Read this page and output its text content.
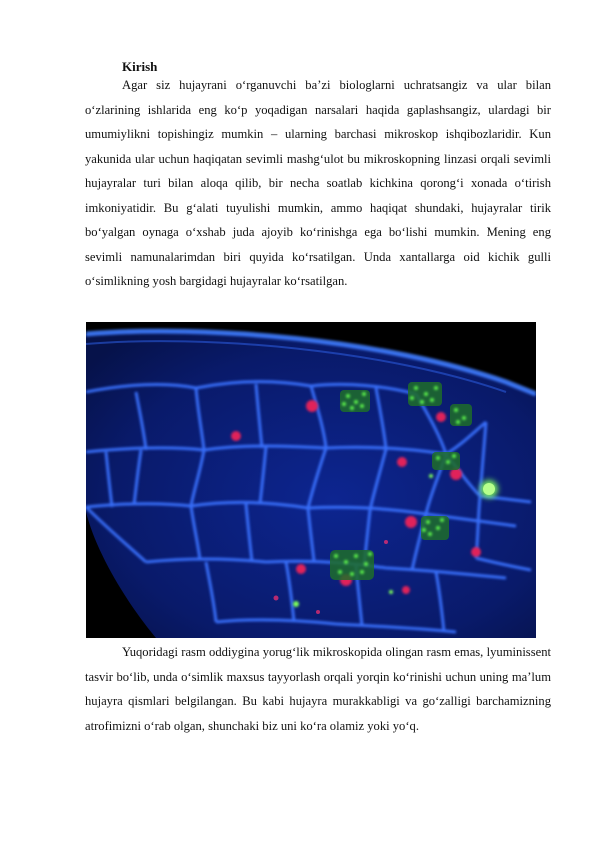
Kirish

Agar siz hujayrani o‘rganuvchi ba’zi biologlarni uchratsangiz va ular bilan o‘zlarining ishlarida eng ko‘p yoqadigan narsalari haqida gaplashsangiz, ulardagi bir umumiylikni topishingiz mumkin – ularning barchasi mikroskop ishqibozlaridir. Kun yakunida ular uchun haqiqatan sevimli mashg‘ulot bu mikroskopning linzasi orqali sevimli hujayralar turi bilan aloqa qilib, bir necha soatlab kichkina qorong‘i xonada o‘tirish imkoniyatidir. Bu g‘alati tuyulishi mumkin, ammo haqiqat shundaki, hujayralar tirik bo‘yalgan oynaga o‘xshab juda ajoyib ko‘rinishga ega bo‘lishi mumkin. Mening eng sevimli namunalarimdan biri quyida ko‘rsatilgan. Unda xantallarga oid kichik gulli o‘simlikning yosh bargidagi hujayralar ko‘rsatilgan.

Yuqoridagi rasm oddiygina yorug‘lik mikroskopida olingan rasm emas, lyuminissent tasvir bo‘lib, unda o‘simlik maxsus tayyorlash orqali yorqin ko‘rinishi uchun uning ma’lum hujayra qismlari belgilangan. Bu kabi hujayra murakkabligi va go‘zalligi barchamizning atrofimizni o‘rab olgan, shunchaki biz uni ko‘ra olamiz yoki yo‘q.
